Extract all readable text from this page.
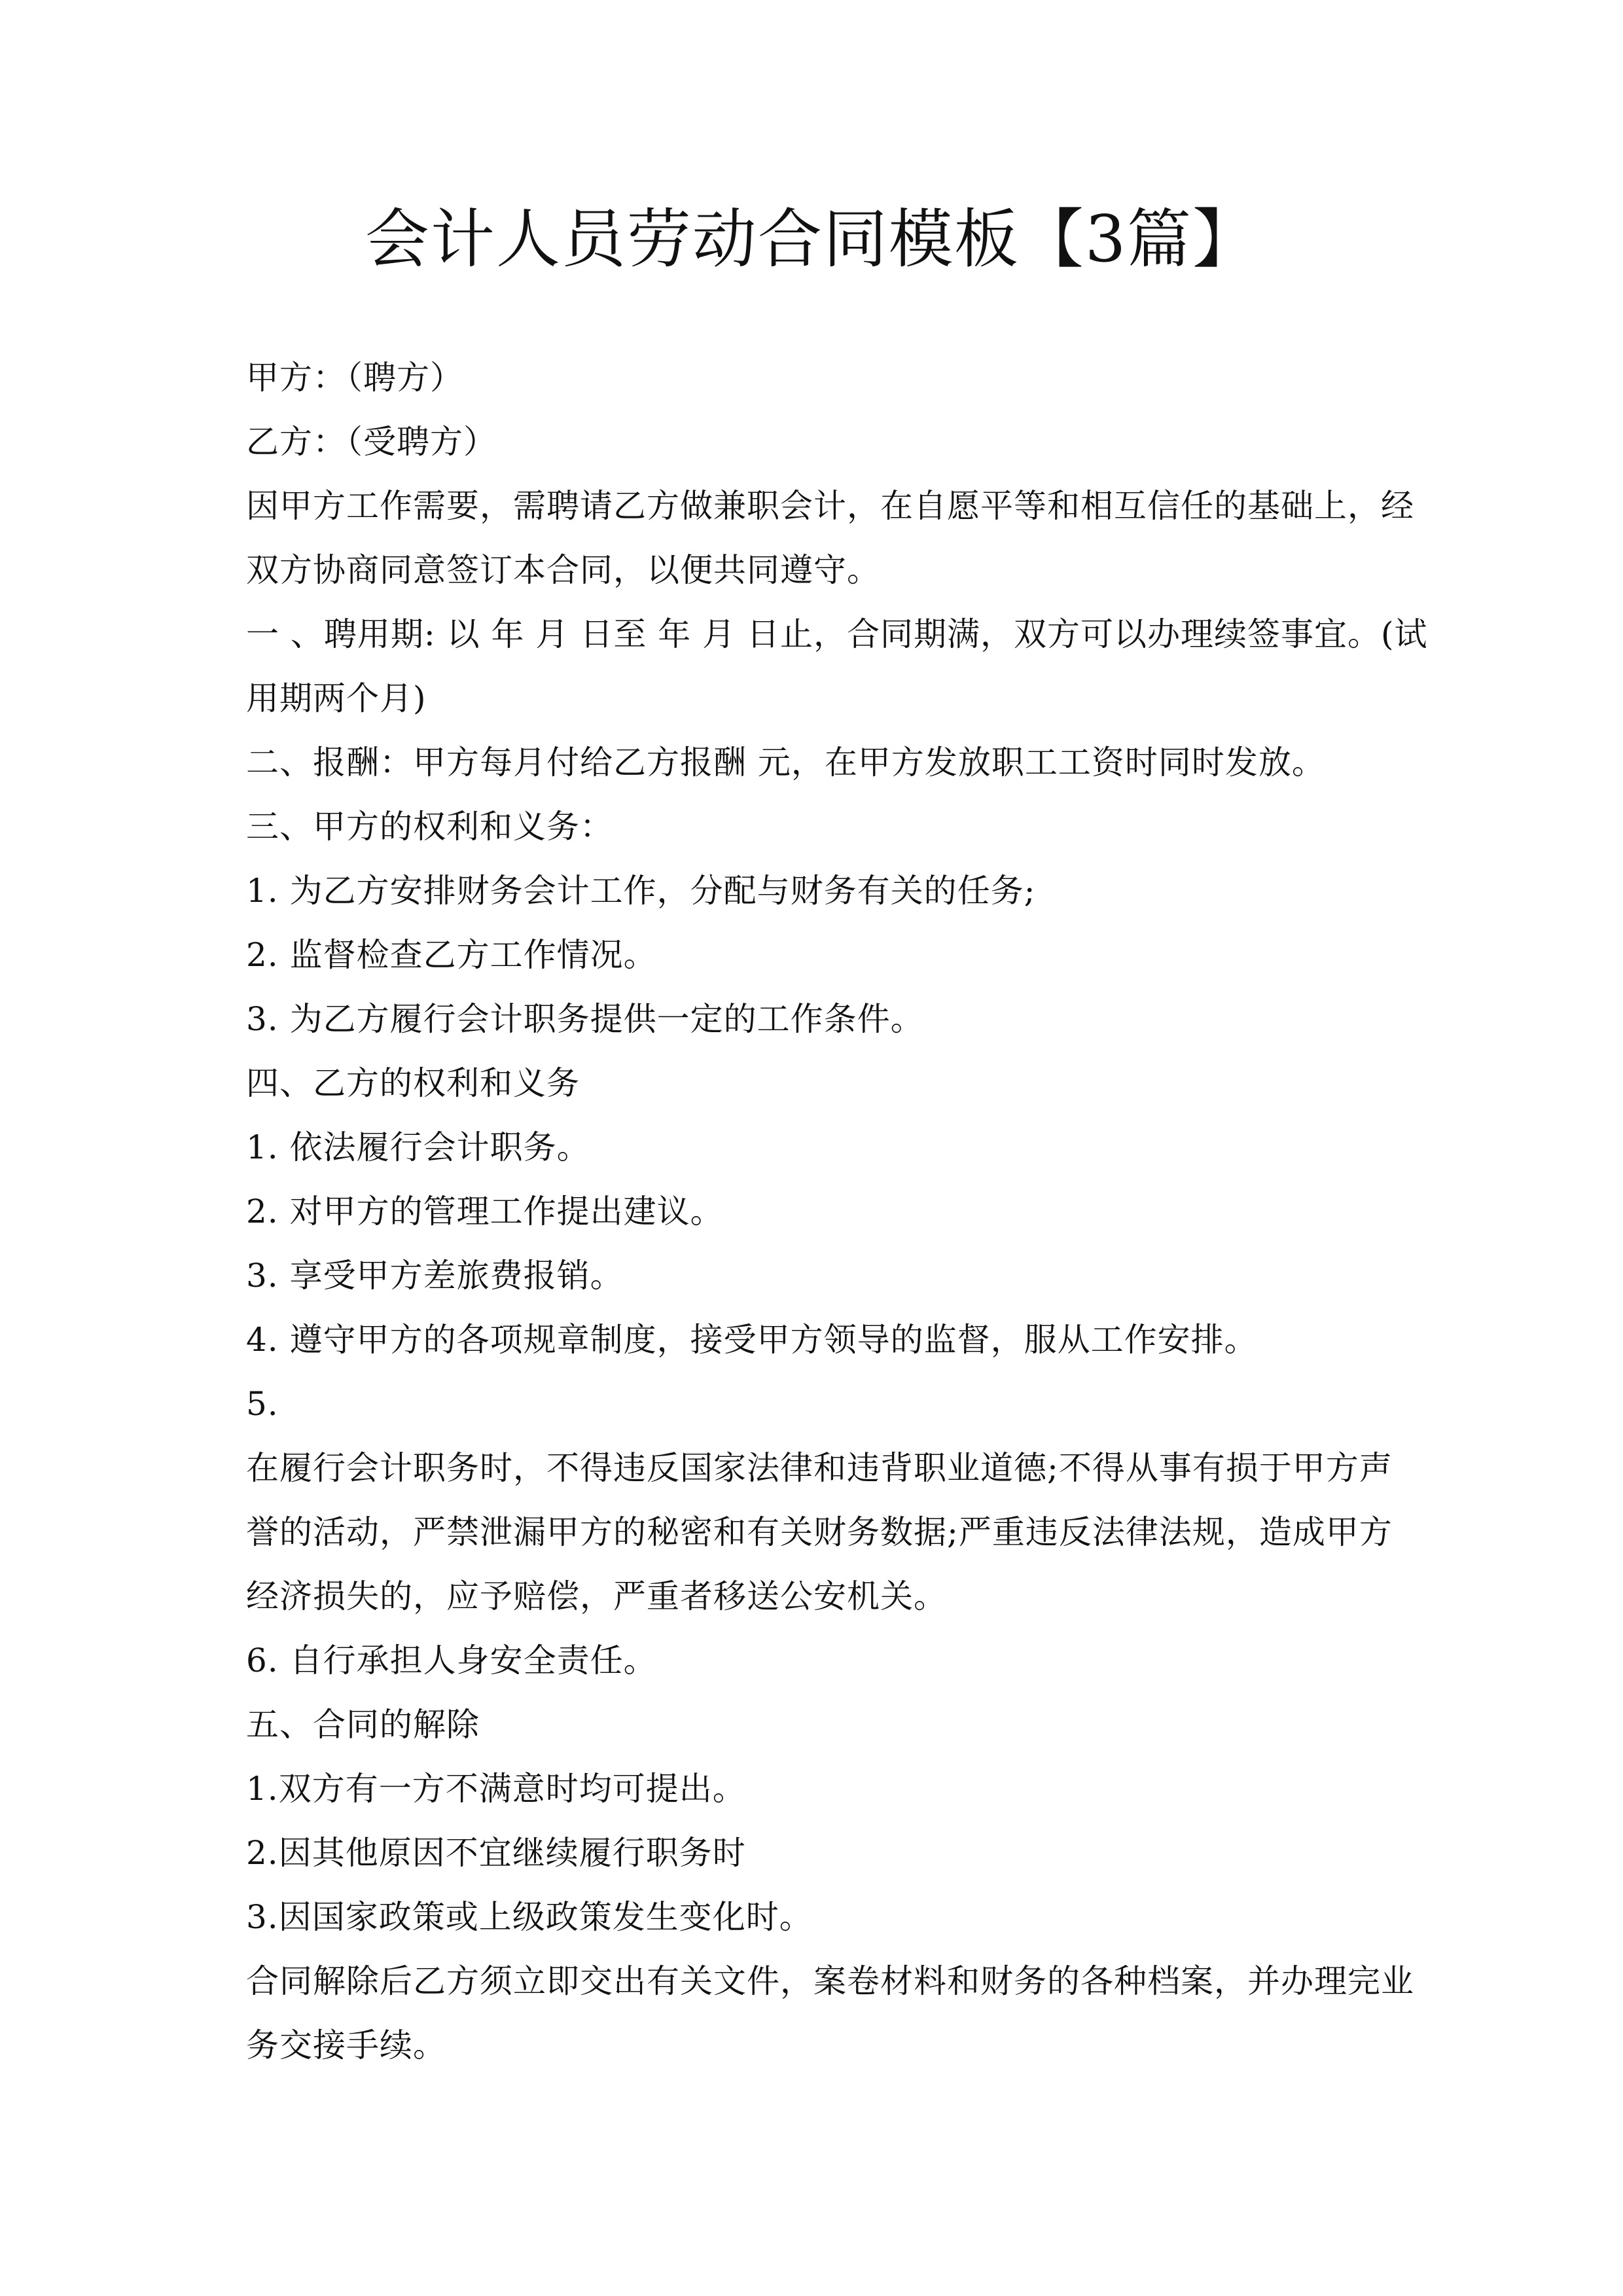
会计人员劳动合同模板【3篇】
甲方：（聘方）
乙方：（受聘方）
因甲方工作需要，需聘请乙方做兼职会计，在自愿平等和相互信任的基础上，经
双方协商同意签订本合同，以便共同遵守。
一 、聘用期: 以 年 月 日至 年 月 日止，合同期满，双方可以办理续签事宜。(试
用期两个月)
二、报酬：甲方每月付给乙方报酬 元，在甲方发放职工工资时同时发放。
三、甲方的权利和义务：
1. 为乙方安排财务会计工作，分配与财务有关的任务;
2. 监督检查乙方工作情况。
3. 为乙方履行会计职务提供一定的工作条件。
四、乙方的权利和义务
1. 依法履行会计职务。
2. 对甲方的管理工作提出建议。
3. 享受甲方差旅费报销。
4. 遵守甲方的各项规章制度，接受甲方领导的监督，服从工作安排。
5.
在履行会计职务时，不得违反国家法律和违背职业道德;不得从事有损于甲方声
誉的活动，严禁泄漏甲方的秘密和有关财务数据;严重违反法律法规，造成甲方
经济损失的，应予赔偿，严重者移送公安机关。
6. 自行承担人身安全责任。
五、合同的解除
1.双方有一方不满意时均可提出。
2.因其他原因不宜继续履行职务时
3.因国家政策或上级政策发生变化时。
合同解除后乙方须立即交出有关文件，案卷材料和财务的各种档案，并办理完业
务交接手续。
